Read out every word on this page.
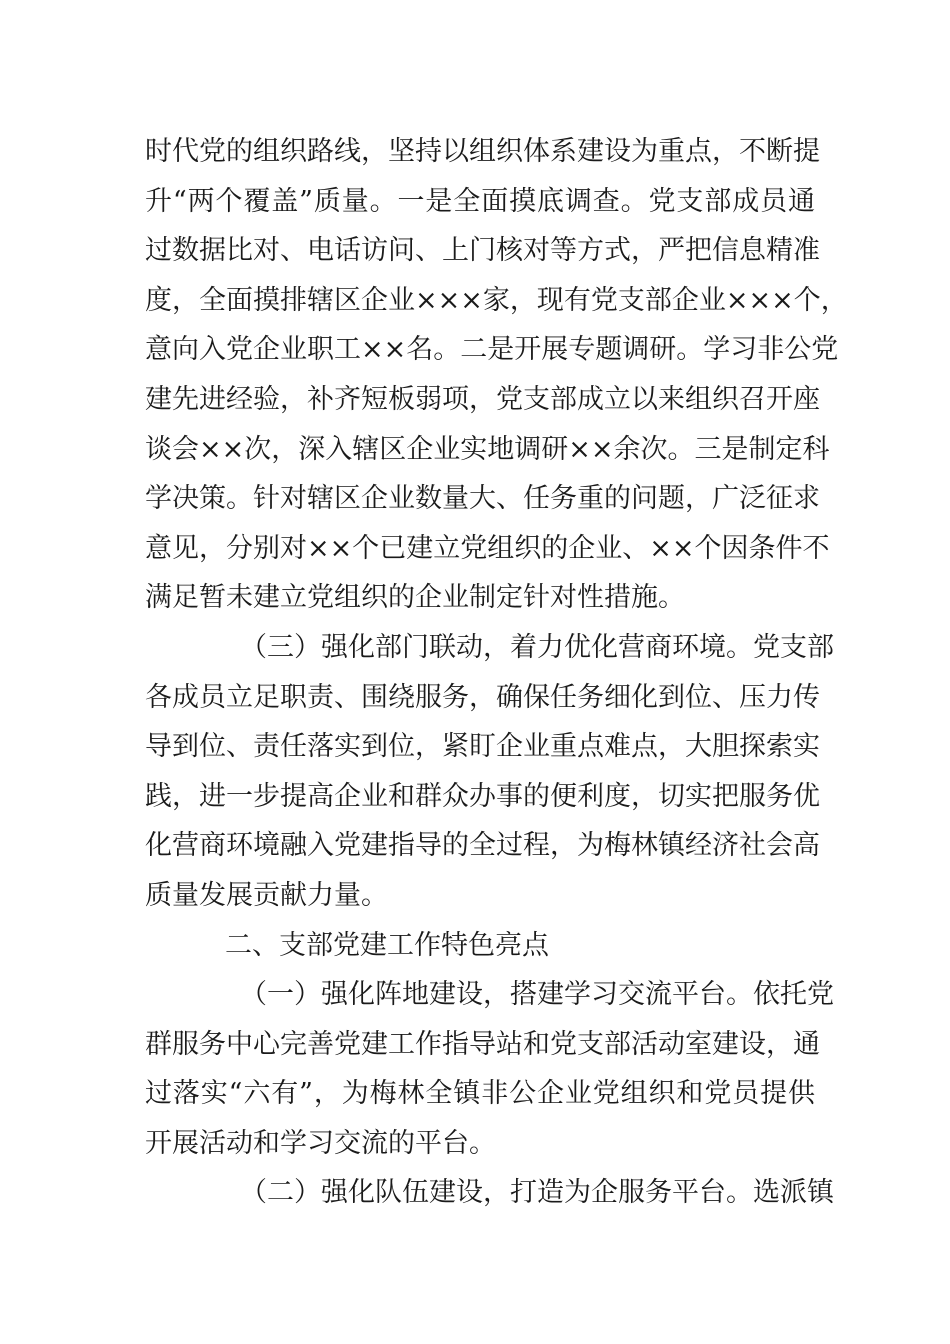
时代党的组织路线，坚持以组织体系建设为重点，不断提
升“两个覆盖”质量。一是全面摸底调查。党支部成员通
过数据比对、电话访问、上门核对等方式，严把信息精准
度，全面摸排辖区企业×××家，现有党支部企业×××个，
意向入党企业职工××名。二是开展专题调研。学习非公党
建先进经验，补齐短板弱项，党支部成立以来组织召开座
谈会××次，深入辖区企业实地调研××余次。三是制定科
学决策。针对辖区企业数量大、任务重的问题，广泛征求
意见，分别对××个已建立党组织的企业、××个因条件不
满足暂未建立党组织的企业制定针对性措施。
（三）强化部门联动，着力优化营商环境。党支部
各成员立足职责、围绕服务，确保任务细化到位、压力传
导到位、责任落实到位，紧盯企业重点难点，大胆探索实
践，进一步提高企业和群众办事的便利度，切实把服务优
化营商环境融入党建指导的全过程，为梅林镇经济社会高
质量发展贡献力量。
二、支部党建工作特色亮点
（一）强化阵地建设，搭建学习交流平台。依托党
群服务中心完善党建工作指导站和党支部活动室建设，通
过落实“六有”，为梅林全镇非公企业党组织和党员提供
开展活动和学习交流的平台。
（二）强化队伍建设，打造为企服务平台。选派镇
